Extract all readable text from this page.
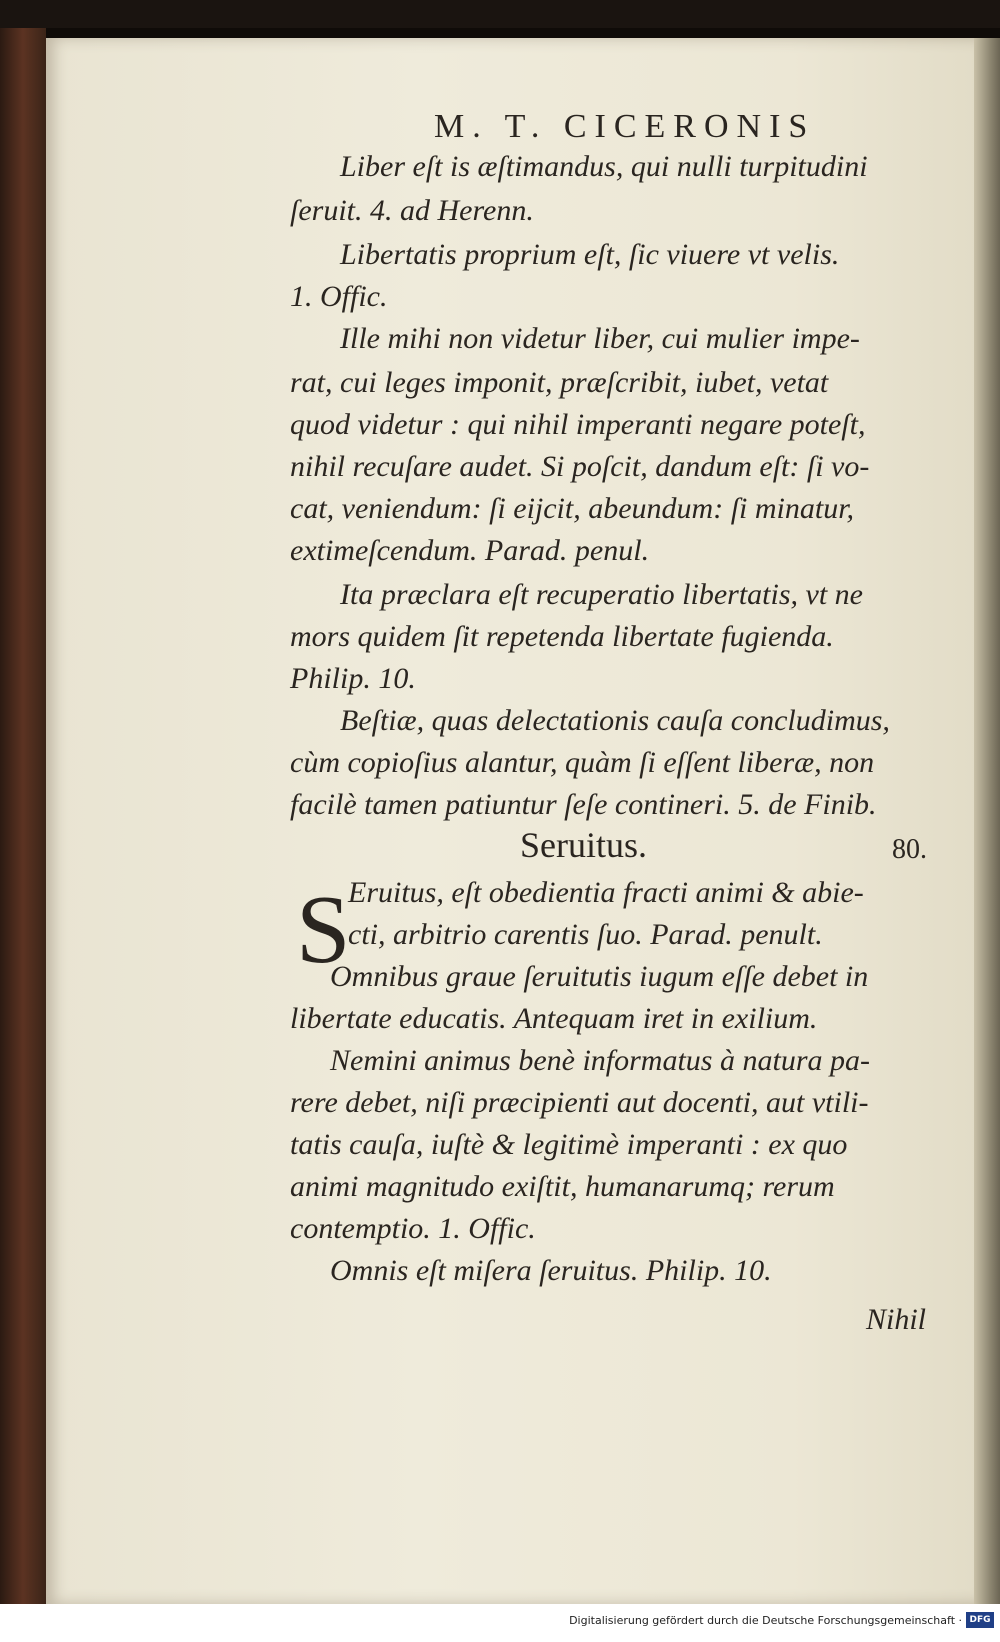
M. T. CICERONIS
Liber eſt is æſtimandus, qui nulli turpitudini
ſeruit. 4. ad Herenn.
Libertatis proprium eſt, ſic viuere vt velis.
1. Offic.
Ille mihi non videtur liber, cui mulier impe-
rat, cui leges imponit, præſcribit, iubet, vetat
quod videtur : qui nihil imperanti negare poteſt,
nihil recuſare audet. Si poſcit, dandum eſt: ſi vo-
cat, veniendum: ſi eijcit, abeundum: ſi minatur,
extimeſcendum. Parad. penul.
Ita præclara eſt recuperatio libertatis, vt ne
mors quidem ſit repetenda libertate fugienda.
Philip. 10.
Beſtiæ, quas delectationis cauſa concludimus,
cùm copioſius alantur, quàm ſi eſſent liberæ, non
facilè tamen patiuntur ſeſe contineri. 5. de Finib.
Seruitus.	80.
S
Eruitus, eſt obedientia fracti animi & abie-
cti, arbitrio carentis ſuo. Parad. penult.
Omnibus graue ſeruitutis iugum eſſe debet in
libertate educatis. Antequam iret in exilium.
Nemini animus benè informatus à natura pa-
rere debet, niſi præcipienti aut docenti, aut vtili-
tatis cauſa, iuſtè & legitimè imperanti : ex quo
animi magnitudo exiſtit, humanarumq; rerum
contemptio. 1. Offic.
Omnis eſt miſera ſeruitus. Philip. 10.
Nihil
Digitalisierung gefördert durch die Deutsche Forschungsgemeinschaft · DFG
